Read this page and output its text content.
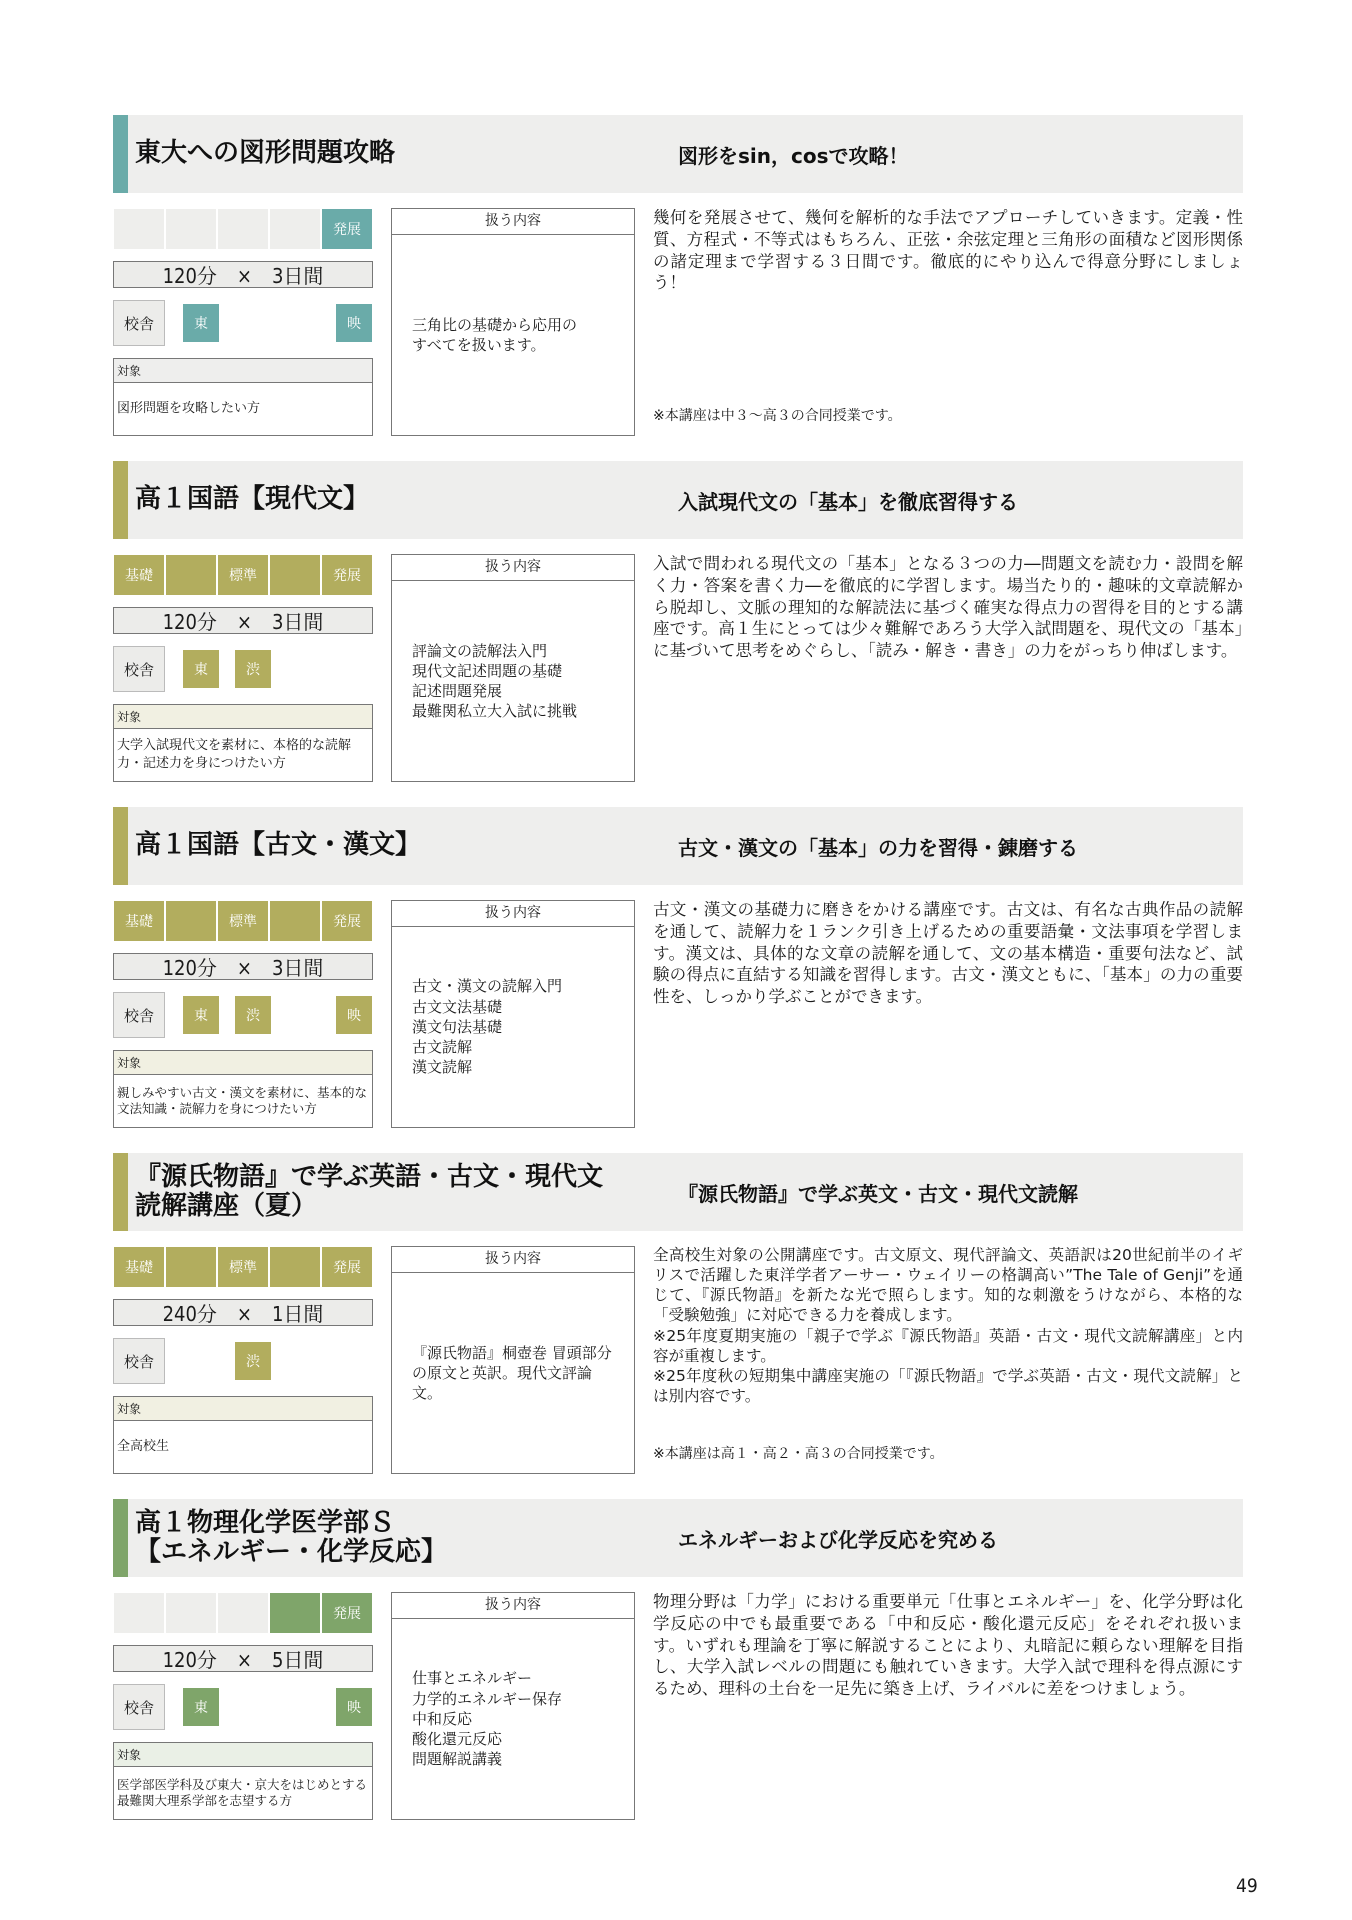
東大への図形問題攻略	図形をsin，cosで攻略！
発展
120分　×　3日間
校舎	東	映
対象
図形問題を攻略したい方
扱う内容
三角比の基礎から応用の
すべてを扱います。
幾何を発展させて、幾何を解析的な手法でアプローチしていきます。定義・性質、方程式・不等式はもちろん、正弦・余弦定理と三角形の面積など図形関係の諸定理まで学習する３日間です。徹底的にやり込んで得意分野にしましょう！
※本講座は中３～高３の合同授業です。
高１国語【現代文】	入試現代文の「基本」を徹底習得する
基礎	標準	発展
120分　×　3日間
校舎	東	渋
対象
大学入試現代文を素材に、本格的な読解力・記述力を身につけたい方
扱う内容
評論文の読解法入門
現代文記述問題の基礎
記述問題発展
最難関私立大入試に挑戦
入試で問われる現代文の「基本」となる３つの力―問題文を読む力・設問を解く力・答案を書く力―を徹底的に学習します。場当たり的・趣味的文章読解から脱却し、文脈の理知的な解読法に基づく確実な得点力の習得を目的とする講座です。高１生にとっては少々難解であろう大学入試問題を、現代文の「基本」に基づいて思考をめぐらし、「読み・解き・書き」の力をがっちり伸ばします。
高１国語【古文・漢文】	古文・漢文の「基本」の力を習得・錬磨する
基礎	標準	発展
120分　×　3日間
校舎	東	渋	映
対象
親しみやすい古文・漢文を素材に、基本的な文法知識・読解力を身につけたい方
扱う内容
古文・漢文の読解入門
古文文法基礎
漢文句法基礎
古文読解
漢文読解
古文・漢文の基礎力に磨きをかける講座です。古文は、有名な古典作品の読解を通して、読解力を１ランク引き上げるための重要語彙・文法事項を学習します。漢文は、具体的な文章の読解を通して、文の基本構造・重要句法など、試験の得点に直結する知識を習得します。古文・漢文ともに、「基本」の力の重要性を、しっかり学ぶことができます。
『源氏物語』で学ぶ英語・古文・現代文
読解講座（夏）	『源氏物語』で学ぶ英文・古文・現代文読解
基礎	標準	発展
240分　×　1日間
校舎	渋
対象
全高校生
扱う内容
『源氏物語』桐壺巻 冒頭部分の原文と英訳。現代文評論文。
全高校生対象の公開講座です。古文原文、現代評論文、英語訳は20世紀前半のイギリスで活躍した東洋学者アーサー・ウェイリーの格調高い”The Tale of Genji”を通じて、『源氏物語』を新たな光で照らします。知的な刺激をうけながら、本格的な「受験勉強」に対応できる力を養成します。
※25年度夏期実施の「親子で学ぶ『源氏物語』英語・古文・現代文読解講座」と内容が重複します。
※25年度秋の短期集中講座実施の「『源氏物語』で学ぶ英語・古文・現代文読解」とは別内容です。
※本講座は高１・高２・高３の合同授業です。
高１物理化学医学部Ｓ
【エネルギー・化学反応】	エネルギーおよび化学反応を究める
発展
120分　×　5日間
校舎	東	映
対象
医学部医学科及び東大・京大をはじめとする最難関大理系学部を志望する方
扱う内容
仕事とエネルギー
力学的エネルギー保存
中和反応
酸化還元反応
問題解説講義
物理分野は「力学」における重要単元「仕事とエネルギー」を、化学分野は化学反応の中でも最重要である「中和反応・酸化還元反応」をそれぞれ扱います。いずれも理論を丁寧に解説することにより、丸暗記に頼らない理解を目指し、大学入試レベルの問題にも触れていきます。大学入試で理科を得点源にするため、理科の土台を一足先に築き上げ、ライバルに差をつけましょう。
49
